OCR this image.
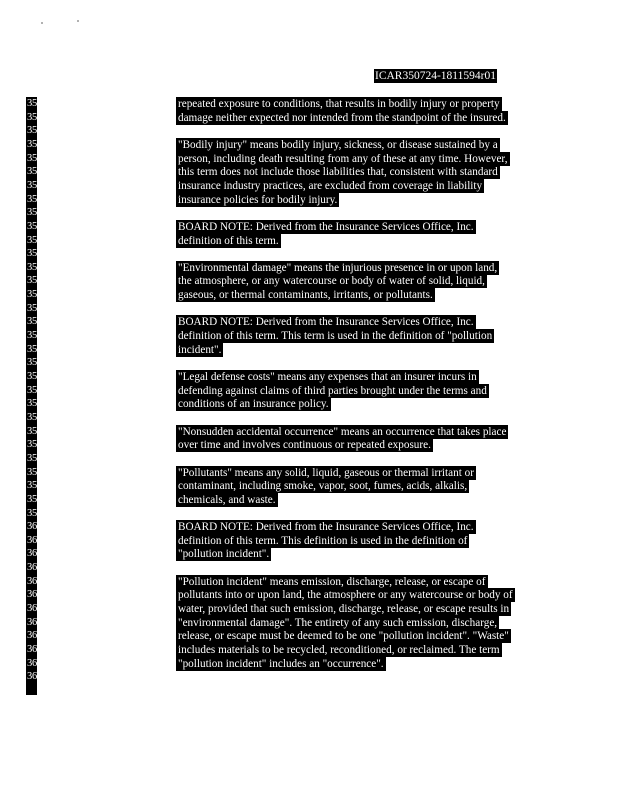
ICAR350724-1811594r01
3569
3570
3571
3572
3573
3574
3575
3576
3577
3578
3579
3580
3581
3582
3583
3584
3585
3586
3587
3588
3589
3590
3591
3592
3593
3594
3595
3596
3597
3598
3599
3600
3601
3602
3603
3604
3605
3606
3607
3608
3609
3610
3611
repeated exposure to conditions, that results in bodily injury or property
damage neither expected nor intended from the standpoint of the insured.
"Bodily injury" means bodily injury, sickness, or disease sustained by a
person, including death resulting from any of these at any time. However,
this term does not include those liabilities that, consistent with standard
insurance industry practices, are excluded from coverage in liability
insurance policies for bodily injury.
BOARD NOTE: Derived from the Insurance Services Office, Inc.
definition of this term.
"Environmental damage" means the injurious presence in or upon land,
the atmosphere, or any watercourse or body of water of solid, liquid,
gaseous, or thermal contaminants, irritants, or pollutants.
BOARD NOTE: Derived from the Insurance Services Office, Inc.
definition of this term. This term is used in the definition of "pollution
incident".
"Legal defense costs" means any expenses that an insurer incurs in
defending against claims of third parties brought under the terms and
conditions of an insurance policy.
"Nonsudden accidental occurrence" means an occurrence that takes place
over time and involves continuous or repeated exposure.
"Pollutants" means any solid, liquid, gaseous or thermal irritant or
contaminant, including smoke, vapor, soot, fumes, acids, alkalis,
chemicals, and waste.
BOARD NOTE: Derived from the Insurance Services Office, Inc.
definition of this term. This definition is used in the definition of
"pollution incident".
"Pollution incident" means emission, discharge, release, or escape of
pollutants into or upon land, the atmosphere or any watercourse or body of
water, provided that such emission, discharge, release, or escape results in
"environmental damage". The entirety of any such emission, discharge,
release, or escape must be deemed to be one "pollution incident". "Waste"
includes materials to be recycled, reconditioned, or reclaimed. The term
"pollution incident" includes an "occurrence".
